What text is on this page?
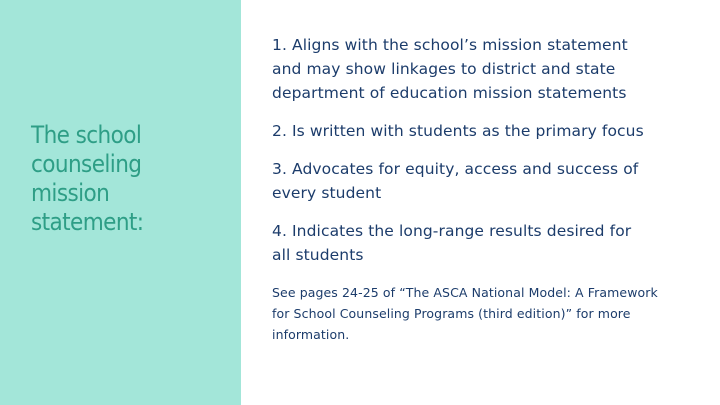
The school
counseling
mission
statement:

1. Aligns with the school’s mission statement
and may show linkages to district and state
department of education mission statements

2. Is written with students as the primary focus

3. Advocates for equity, access and success of
every student

4. Indicates the long-range results desired for
all students

See pages 24-25 of “The ASCA National Model: A Framework
for School Counseling Programs (third edition)” for more
information.
